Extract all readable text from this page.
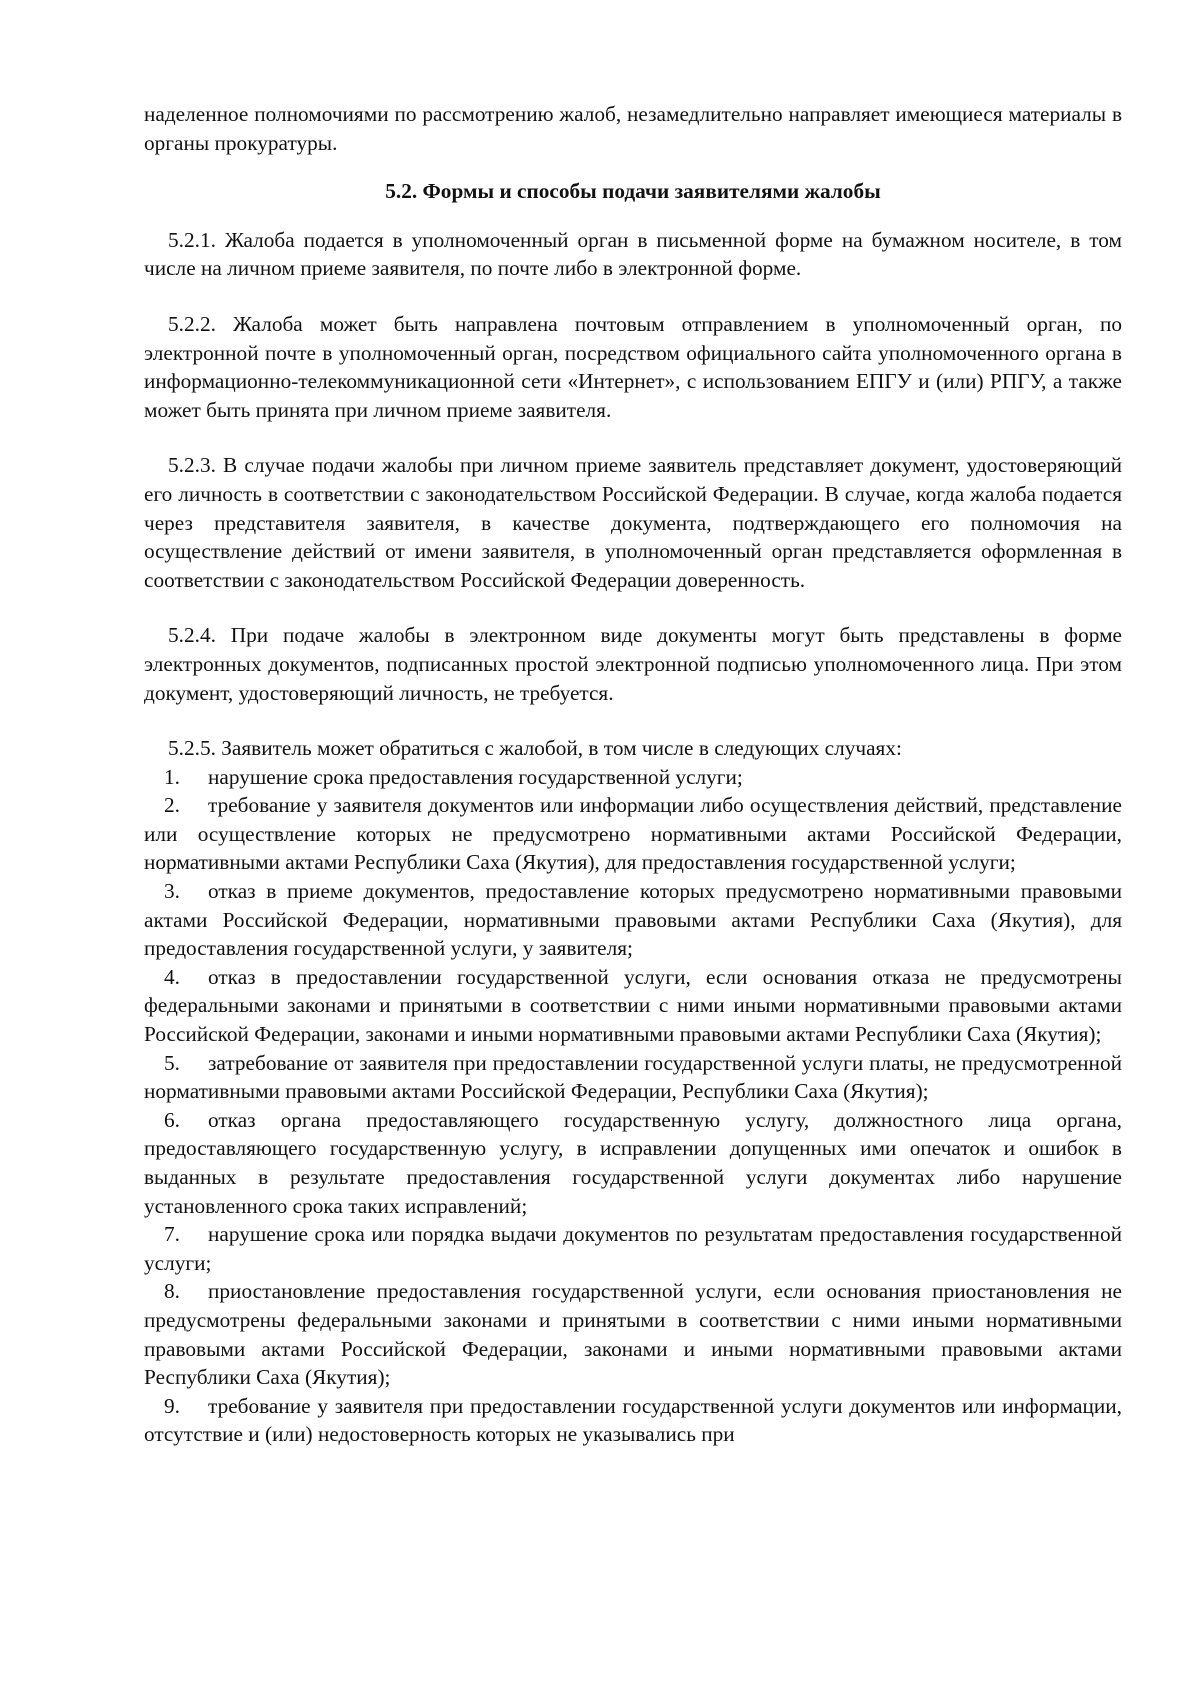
наделенное полномочиями по рассмотрению жалоб, незамедлительно направляет имеющиеся материалы в органы прокуратуры.

5.2. Формы и способы подачи заявителями жалобы

5.2.1. Жалоба подается в уполномоченный орган в письменной форме на бумажном носителе, в том числе на личном приеме заявителя, по почте либо в электронной форме.

5.2.2. Жалоба может быть направлена почтовым отправлением в уполномоченный орган, по электронной почте в уполномоченный орган, посредством официального сайта уполномоченного органа в информационно-телекоммуникационной сети «Интернет», с использованием ЕПГУ и (или) РПГУ, а также может быть принята при личном приеме заявителя.

5.2.3. В случае подачи жалобы при личном приеме заявитель представляет документ, удостоверяющий его личность в соответствии с законодательством Российской Федерации. В случае, когда жалоба подается через представителя заявителя, в качестве документа, подтверждающего его полномочия на осуществление действий от имени заявителя, в уполномоченный орган представляется оформленная в соответствии с законодательством Российской Федерации доверенность.

5.2.4. При подаче жалобы в электронном виде документы могут быть представлены в форме электронных документов, подписанных простой электронной подписью уполномоченного лица. При этом документ, удостоверяющий личность, не требуется.

5.2.5. Заявитель может обратиться с жалобой, в том числе в следующих случаях:

1. нарушение срока предоставления государственной услуги;

2. требование у заявителя документов или информации либо осуществления действий, представление или осуществление которых не предусмотрено нормативными актами Российской Федерации, нормативными актами Республики Саха (Якутия), для предоставления государственной услуги;

3. отказ в приеме документов, предоставление которых предусмотрено нормативными правовыми актами Российской Федерации, нормативными правовыми актами Республики Саха (Якутия), для предоставления государственной услуги, у заявителя;

4. отказ в предоставлении государственной услуги, если основания отказа не предусмотрены федеральными законами и принятыми в соответствии с ними иными нормативными правовыми актами Российской Федерации, законами и иными нормативными правовыми актами Республики Саха (Якутия);

5. затребование от заявителя при предоставлении государственной услуги платы, не предусмотренной нормативными правовыми актами Российской Федерации, Республики Саха (Якутия);

6. отказ органа предоставляющего государственную услугу, должностного лица органа, предоставляющего государственную услугу, в исправлении допущенных ими опечаток и ошибок в выданных в результате предоставления государственной услуги документах либо нарушение установленного срока таких исправлений;

7. нарушение срока или порядка выдачи документов по результатам предоставления государственной услуги;

8. приостановление предоставления государственной услуги, если основания приостановления не предусмотрены федеральными законами и принятыми в соответствии с ними иными нормативными правовыми актами Российской Федерации, законами и иными нормативными правовыми актами Республики Саха (Якутия);

9. требование у заявителя при предоставлении государственной услуги документов или информации, отсутствие и (или) недостоверность которых не указывались при
